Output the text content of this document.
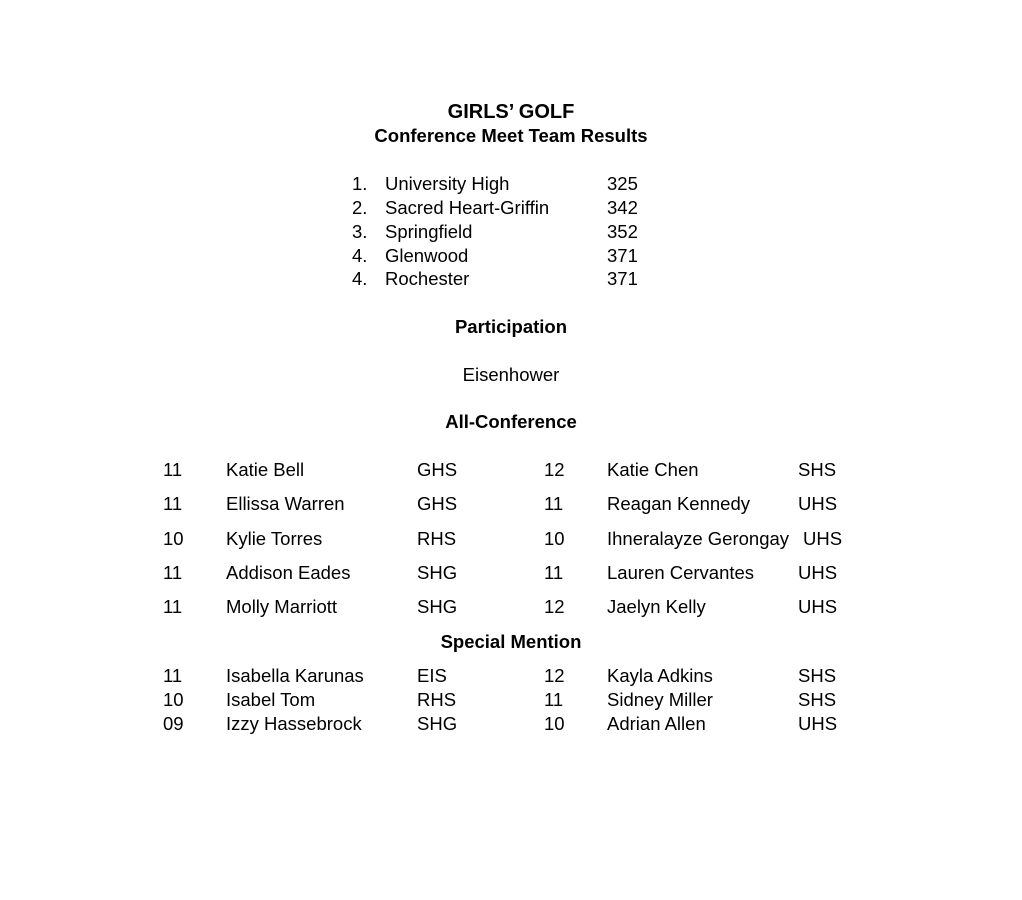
GIRLS’ GOLF
Conference Meet Team Results
1. University High	325
2. Sacred Heart-Griffin	342
3. Springfield	352
4. Glenwood	371
4. Rochester	371
Participation
Eisenhower
All-Conference
11 Katie Bell	GHS	12 Katie Chen	SHS
11 Ellissa Warren	GHS	11 Reagan Kennedy	UHS
10 Kylie Torres	RHS	10 Ihneralayze Gerongay UHS
11 Addison Eades	SHG	11 Lauren Cervantes UHS
11 Molly Marriott	SHG	12 Jaelyn Kelly	UHS
Special Mention
11 Isabella Karunas	EIS	12 Kayla Adkins	SHS
10 Isabel Tom	RHS	11 Sidney Miller	SHS
09 Izzy Hassebrock	SHG	10 Adrian Allen	UHS
